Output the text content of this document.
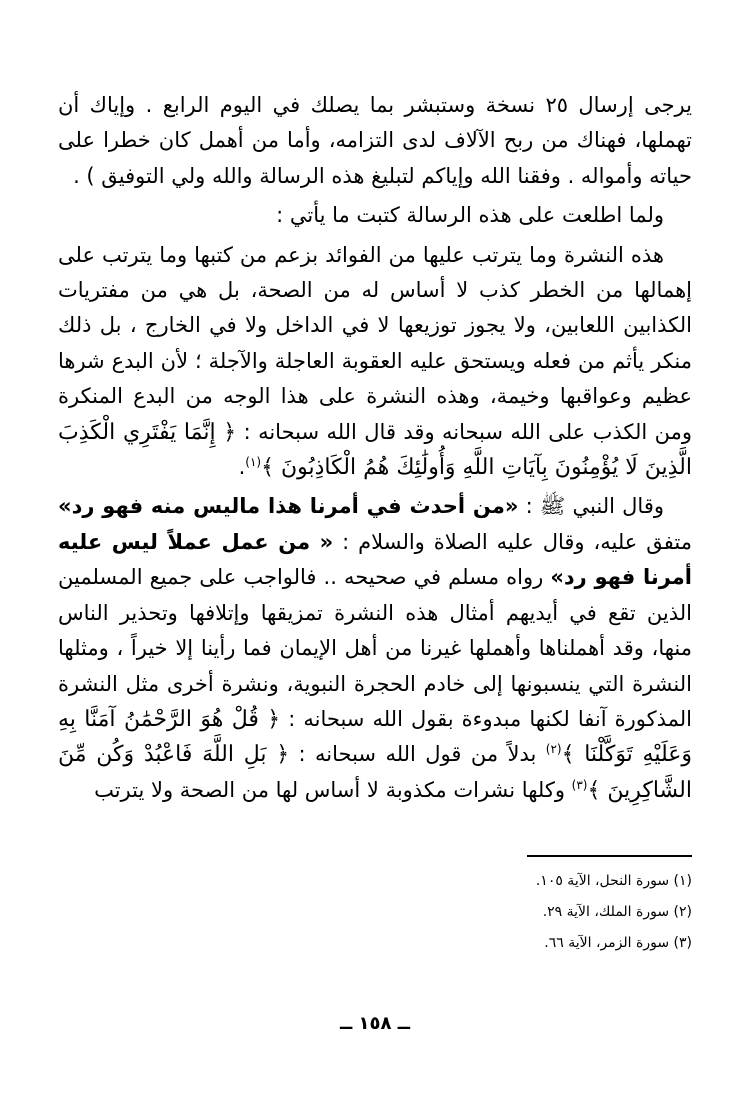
يرجى إرسال ٢٥ نسخة وستبشر بما يصلك في اليوم الرابع . وإياك أن تهملها، فهناك من ربح الآلاف لدى التزامه، وأما من أهمل كان خطرا على حياته وأمواله . وفقنا الله وإياكم لتبليغ هذه الرسالة والله ولي التوفيق ) .

ولما اطلعت على هذه الرسالة كتبت ما يأتي :

هذه النشرة وما يترتب عليها من الفوائد بزعم من كتبها وما يترتب على إهمالها من الخطر كذب لا أساس له من الصحة، بل هي من مفتريات الكذابين اللعابين، ولا يجوز توزيعها لا في الداخل ولا في الخارج ، بل ذلك منكر يأثم من فعله ويستحق عليه العقوبة العاجلة والآجلة ؛ لأن البدع شرها عظيم وعواقبها وخيمة، وهذه النشرة على هذا الوجه من البدع المنكرة ومن الكذب على الله سبحانه وقد قال الله سبحانه : ﴿ إِنَّمَا يَفْتَرِي الْكَذِبَ الَّذِينَ لَا يُؤْمِنُونَ بِآيَاتِ اللَّهِ وَأُولَٰئِكَ هُمُ الْكَاذِبُونَ ﴾$^{(١)}$.

وقال النبي ﷺ : «من أحدث في أمرنا هذا ماليس منه فهو رد» متفق عليه، وقال عليه الصلاة والسلام : « من عمل عملاً ليس عليه أمرنا فهو رد» رواه مسلم في صحيحه .. فالواجب على جميع المسلمين الذين تقع في أيديهم أمثال هذه النشرة تمزيقها وإتلافها وتحذير الناس منها، وقد أهملناها وأهملها غيرنا من أهل الإيمان فما رأينا إلا خيراً ، ومثلها النشرة التي ينسبونها إلى خادم الحجرة النبوية، ونشرة أخرى مثل النشرة المذكورة آنفا لكنها مبدوءة بقول الله سبحانه : ﴿ قُلْ هُوَ الرَّحْمَٰنُ آمَنَّا بِهِ وَعَلَيْهِ تَوَكَّلْنَا ﴾$^{(٢)}$ بدلاً من قول الله سبحانه : ﴿ بَلِ اللَّهَ فَاعْبُدْ وَكُن مِّنَ الشَّاكِرِينَ ﴾$^{(٣)}$ وكلها نشرات مكذوبة لا أساس لها من الصحة ولا يترتب

(١) سورة النحل، الآية ١٠٥.
(٢) سورة الملك، الآية ٢٩.
(٣) سورة الزمر، الآية ٦٦.
ــ ١٥٨ ــ
